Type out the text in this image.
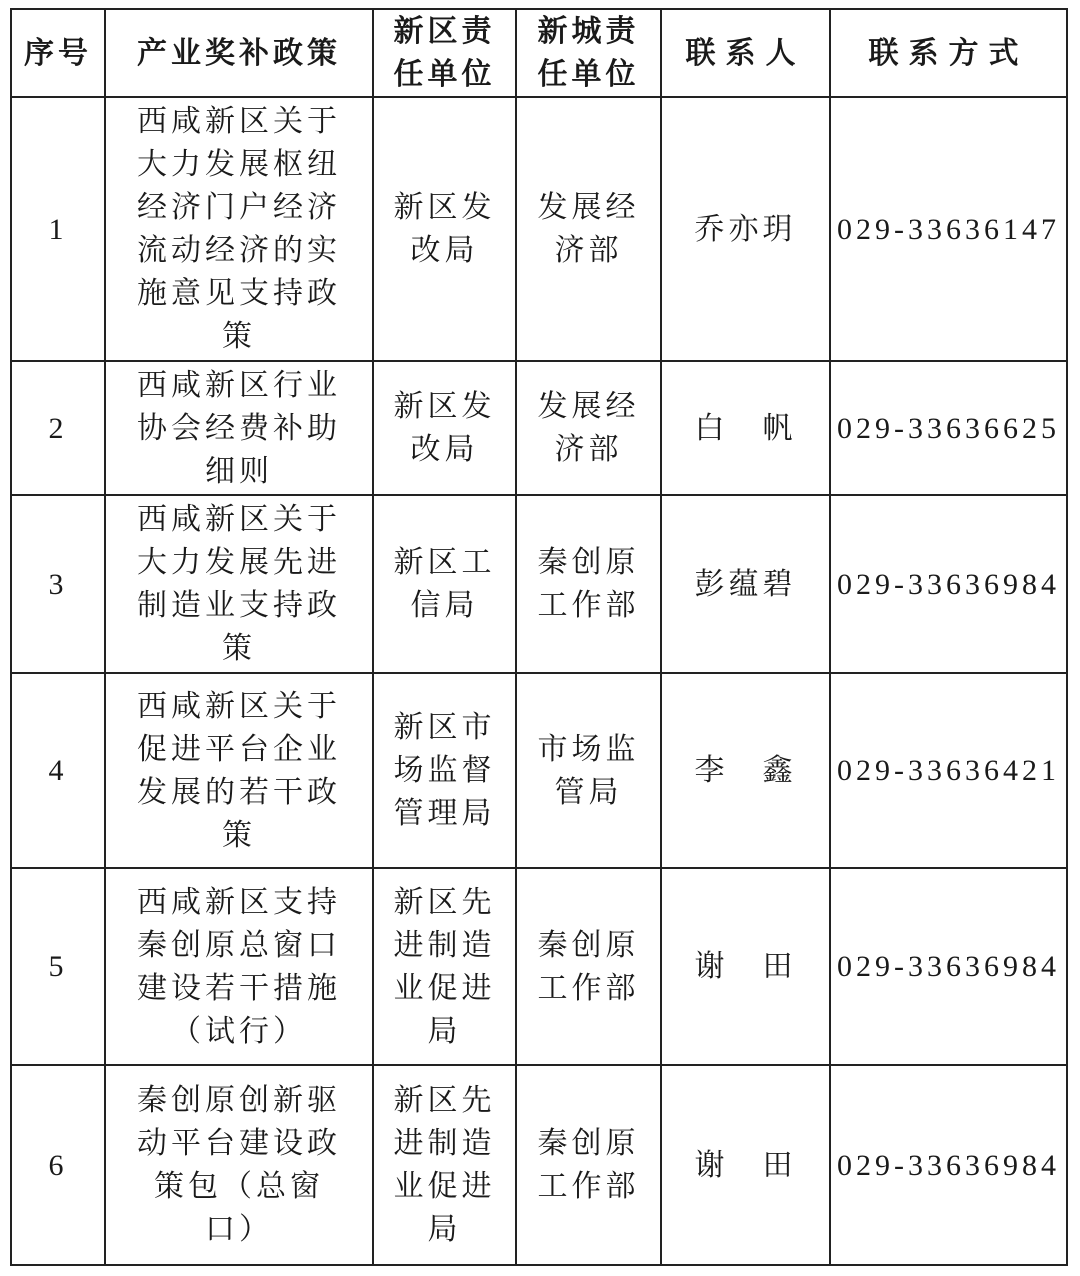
序号	产业奖补政策	新区责任单位	新城责任单位	联系人	联系方式
1	西咸新区关于大力发展枢纽经济门户经济流动经济的实施意见支持政策	新区发改局	发展经济部	乔亦玥	029-33636147
2	西咸新区行业协会经费补助细则	新区发改局	发展经济部	白　帆	029-33636625
3	西咸新区关于大力发展先进制造业支持政策	新区工信局	秦创原工作部	彭蕴碧	029-33636984
4	西咸新区关于促进平台企业发展的若干政策	新区市场监督管理局	市场监管局	李　鑫	029-33636421
5	西咸新区支持秦创原总窗口建设若干措施（试行）	新区先进制造业促进局	秦创原工作部	谢　田	029-33636984
6	秦创原创新驱动平台建设政策包（总窗口）	新区先进制造业促进局	秦创原工作部	谢　田	029-33636984
